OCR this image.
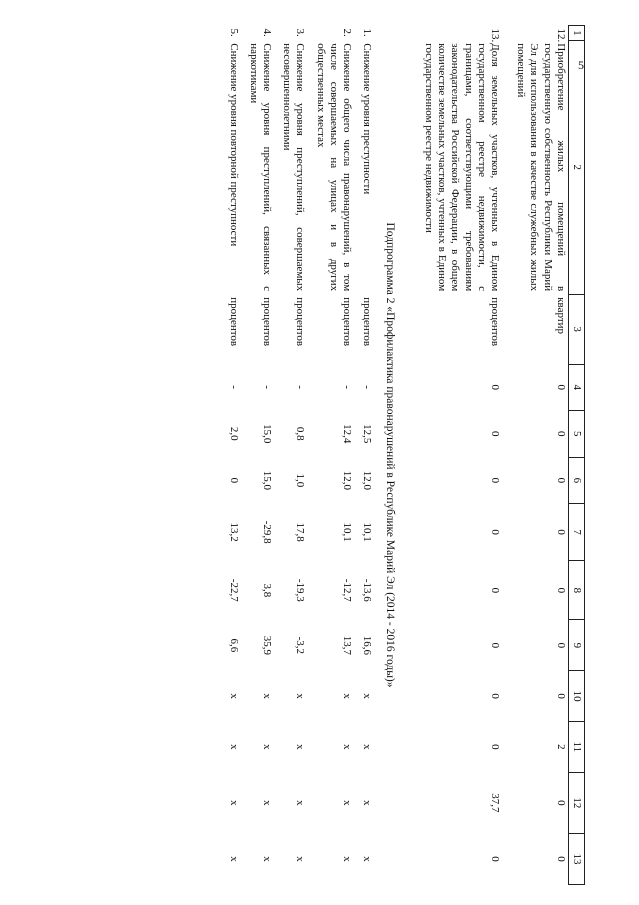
5
1	2	3	4	5	6	7	8	9	10	11	12	13
12.	Приобретение жилых помещений в государственную собственность Республики Марий Эл для использования в качестве служебных жилых помещений	квартир	0	0	0	0	0	0	0	2	0	0
13.	Доля земельных участков, учтенных в Едином государственном реестре недвижимости, с границами, соответствующими требованиям законодательства Российской Федерации, в общем количестве земельных участков, учтенных в Едином государственном реестре недвижимости	процентов	0	0	0	0	0	0	0	0	37,7	0
Подпрограмма 2 «Профилактика правонарушений в Республике Марий Эл (2014 - 2016 годы)»												
1.	Снижение уровня преступности	процентов	-	12,5	12,0	10,1	-13,6	16,6	x	x	x	x
2.	Снижение общего числа правонарушений, в том числе совершаемых на улицах и в других общественных местах	процентов	-	12,4	12,0	10,1	-12,7	13,7	x	x	x	x
3.	Снижение уровня преступлений, совершаемых несовершеннолетними	процентов	-	0,8	1,0	17,8	-19,3	-3,2	x	x	x	x
4.	Снижение уровня преступлений, связанных с наркотиками	процентов	-	15,0	15,0	-29,8	3,8	35,9	x	x	x	x
5.	Снижение уровня повторной преступности	процентов	-	2,0	0	13,2	-22,7	6,6	x	x	x	x
